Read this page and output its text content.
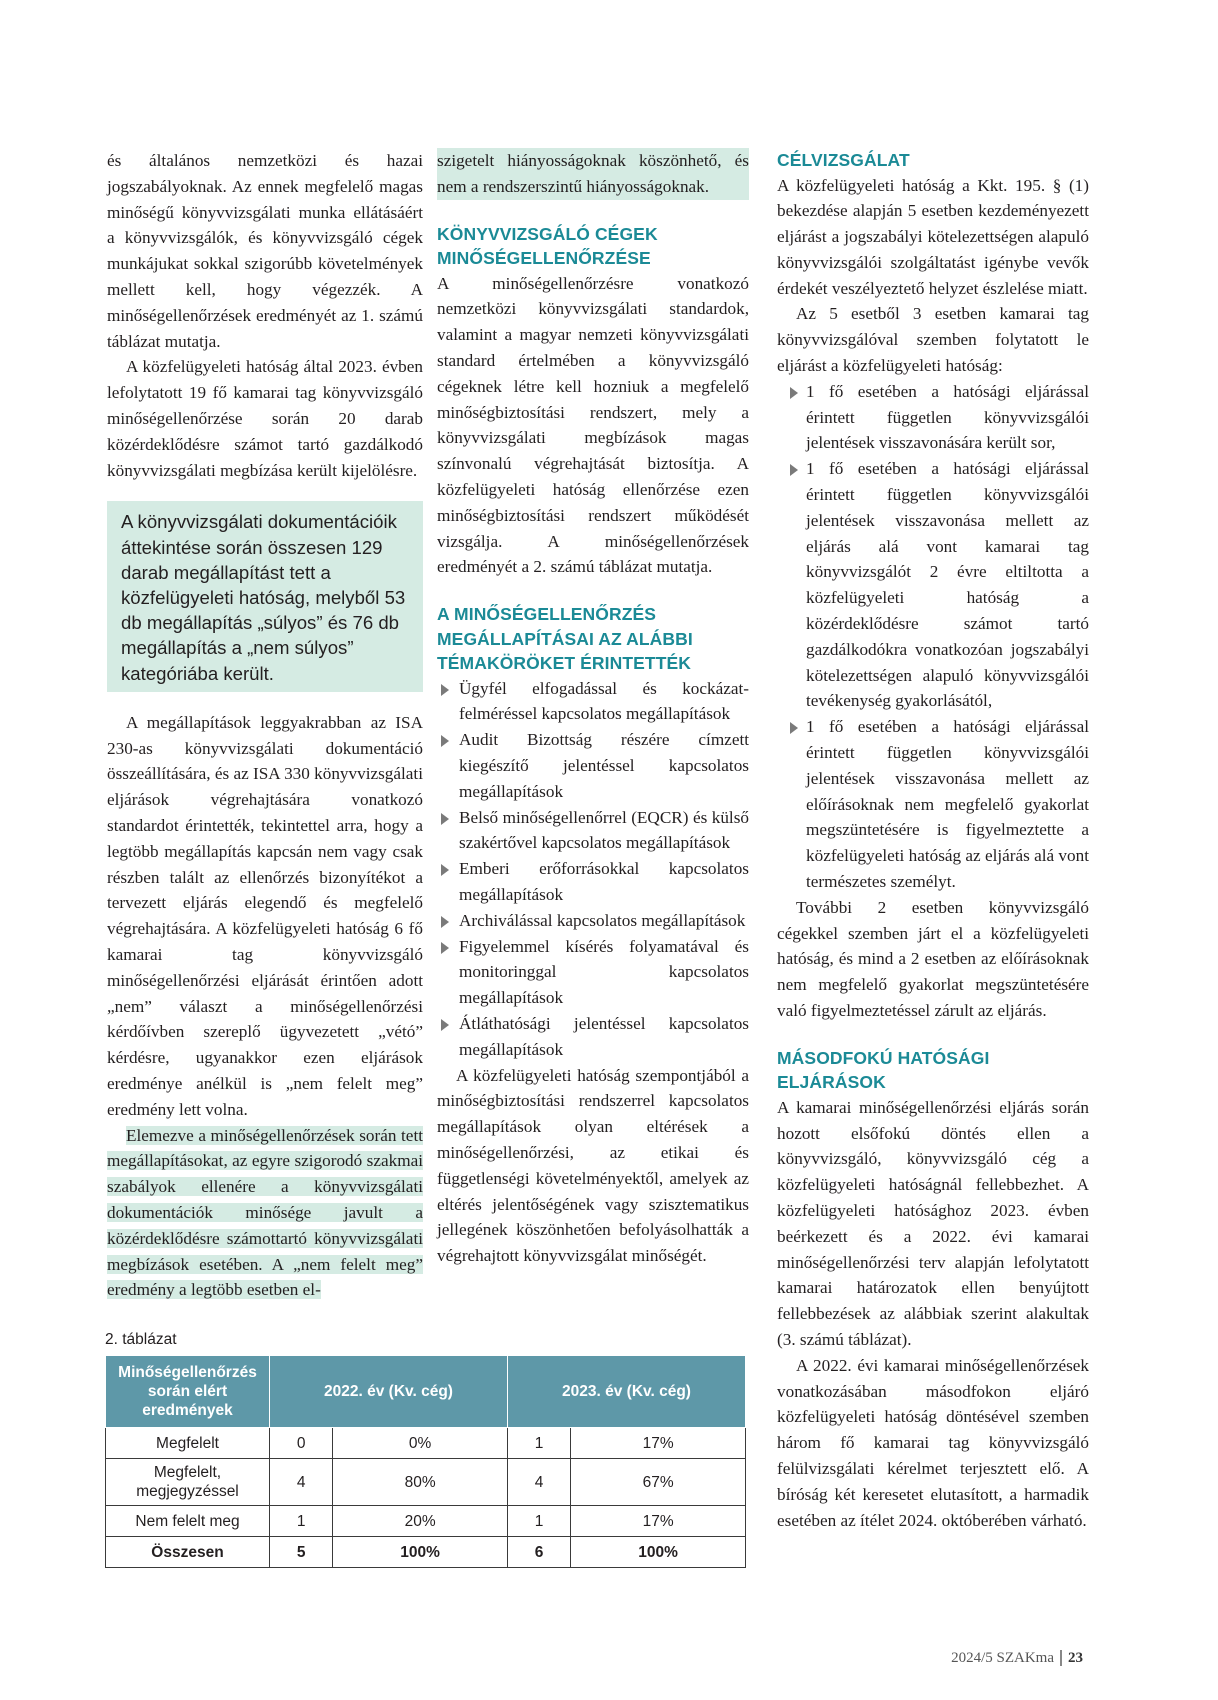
és általános nemzetközi és hazai jogszabályoknak. Az ennek megfelelő magas minőségű könyvvizsgálati munka ellátásáért a könyvvizsgálók, és könyvvizsgáló cégek munkájukat sokkal szigorúbb követelmények mellett kell, hogy végezzék. A minőségellenőrzések eredményét az 1. számú táblázat mutatja.

A közfelügyeleti hatóság által 2023. évben lefolytatott 19 fő kamarai tag könyvvizsgáló minőségellenőrzése során 20 darab közérdeklődésre számot tartó gazdálkodó könyvvizsgálati megbízása került kijelölésre.

A könyvvizsgálati dokumentációik áttekintése során összesen 129 darab megállapítást tett a közfelügyeleti hatóság, melyből 53 db megállapítás „súlyos” és 76 db megállapítás a „nem súlyos” kategóriába került.

A megállapítások leggyakrabban az ISA 230-as könyvvizsgálati dokumentáció összeállítására, és az ISA 330 könyvvizsgálati eljárások végrehajtására vonatkozó standardot érintették, tekintettel arra, hogy a legtöbb megállapítás kapcsán nem vagy csak részben talált az ellenőrzés bizonyítékot a tervezett eljárás elegendő és megfelelő végrehajtására. A közfelügyeleti hatóság 6 fő kamarai tag könyvvizsgáló minőségellenőrzési eljárását érintően adott „nem” választ a minőségellenőrzési kérdőívben szereplő ügyvezetett „vétó” kérdésre, ugyanakkor ezen eljárások eredménye anélkül is „nem felelt meg” eredmény lett volna.

Elemezve a minőségellenőrzések során tett megállapításokat, az egyre szigorodó szakmai szabályok ellenére a könyvvizsgálati dokumentációk minősége javult a közérdeklődésre számottartó könyvvizsgálati megbízások esetében. A „nem felelt meg” eredmény a legtöbb esetben el-

szigetelt hiányosságoknak köszönhető, és nem a rendszerszintű hiányosságoknak.

KÖNYVVIZSGÁLÓ CÉGEK MINŐSÉGELLENŐRZÉSE

A minőségellenőrzésre vonatkozó nemzetközi könyvvizsgálati standardok, valamint a magyar nemzeti könyvvizsgálati standard értelmében a könyvvizsgáló cégeknek létre kell hozniuk a megfelelő minőségbiztosítási rendszert, mely a könyvvizsgálati megbízások magas színvonalú végrehajtását biztosítja. A közfelügyeleti hatóság ellenőrzése ezen minőségbiztosítási rendszert működését vizsgálja. A minőségellenőrzések eredményét a 2. számú táblázat mutatja.

A MINŐSÉGELLENŐRZÉS MEGÁLLAPÍTÁSAI AZ ALÁBBI TÉMAKÖRÖKET ÉRINTETTÉK
Ügyfél elfogadással és kockázat-felméréssel kapcsolatos megállapítások
Audit Bizottság részére címzett kiegészítő jelentéssel kapcsolatos megállapítások
Belső minőségellenőrrel (EQCR) és külső szakértővel kapcsolatos megállapítások
Emberi erőforrásokkal kapcsolatos megállapítások
Archiválással kapcsolatos megállapítások
Figyelemmel kísérés folyamatával és monitoringgal kapcsolatos megállapítások
Átláthatósági jelentéssel kapcsolatos megállapítások

A közfelügyeleti hatóság szempontjából a minőségbiztosítási rendszerrel kapcsolatos megállapítások olyan eltérések a minőségellenőrzési, az etikai és függetlenségi követelményektől, amelyek az eltérés jelentőségének vagy szisztematikus jellegének köszönhetően befolyásolhatták a végrehajtott könyvvizsgálat minőségét.

CÉLVIZSGÁLAT

A közfelügyeleti hatóság a Kkt. 195. § (1) bekezdése alapján 5 esetben kezdeményezett eljárást a jogszabályi kötelezettségen alapuló könyvvizsgálói szolgáltatást igénybe vevők érdekét veszélyeztető helyzet észlelése miatt.

Az 5 esetből 3 esetben kamarai tag könyvvizsgálóval szemben folytatott le eljárást a közfelügyeleti hatóság:

1 fő esetében a hatósági eljárással érintett független könyvvizsgálói jelentések visszavonására került sor,
1 fő esetében a hatósági eljárással érintett független könyvvizsgálói jelentések visszavonása mellett az eljárás alá vont kamarai tag könyvvizsgálót 2 évre eltiltotta a közfelügyeleti hatóság a közérdeklődésre számot tartó gazdálkodókra vonatkozóan jogszabályi kötelezettségen alapuló könyvvizsgálói tevékenység gyakorlásától,
1 fő esetében a hatósági eljárással érintett független könyvvizsgálói jelentések visszavonása mellett az előírásoknak nem megfelelő gyakorlat megszüntetésére is figyelmeztette a közfelügyeleti hatóság az eljárás alá vont természetes személyt.

További 2 esetben könyvvizsgáló cégekkel szemben járt el a közfelügyeleti hatóság, és mind a 2 esetben az előírásoknak nem megfelelő gyakorlat megszüntetésére való figyelmeztetéssel zárult az eljárás.

MÁSODFOKÚ HATÓSÁGI ELJÁRÁSOK

A kamarai minőségellenőrzési eljárás során hozott elsőfokú döntés ellen a könyvvizsgáló, könyvvizsgáló cég a közfelügyeleti hatóságnál fellebbezhet. A közfelügyeleti hatósághoz 2023. évben beérkezett és a 2022. évi kamarai minőségellenőrzési terv alapján lefolytatott kamarai határozatok ellen benyújtott fellebbezések az alábbiak szerint alakultak (3. számú táblázat).

A 2022. évi kamarai minőségellenőrzések vonatkozásában másodfokon eljáró közfelügyeleti hatóság döntésével szemben három fő kamarai tag könyvvizsgáló felülvizsgálati kérelmet terjesztett elő. A bíróság két keresetet elutasított, a harmadik esetében az ítélet 2024. októberében várható.

2. táblázat
Minőségellenőrzés során elért eredmények	2022. év (Kv. cég)		2023. év (Kv. cég)	
Megfelelt	0	0%	1	17%
Megfelelt, megjegyzéssel	4	80%	4	67%
Nem felelt meg	1	20%	1	17%
Összesen	5	100%	6	100%
2024/5 SZAKma 23
